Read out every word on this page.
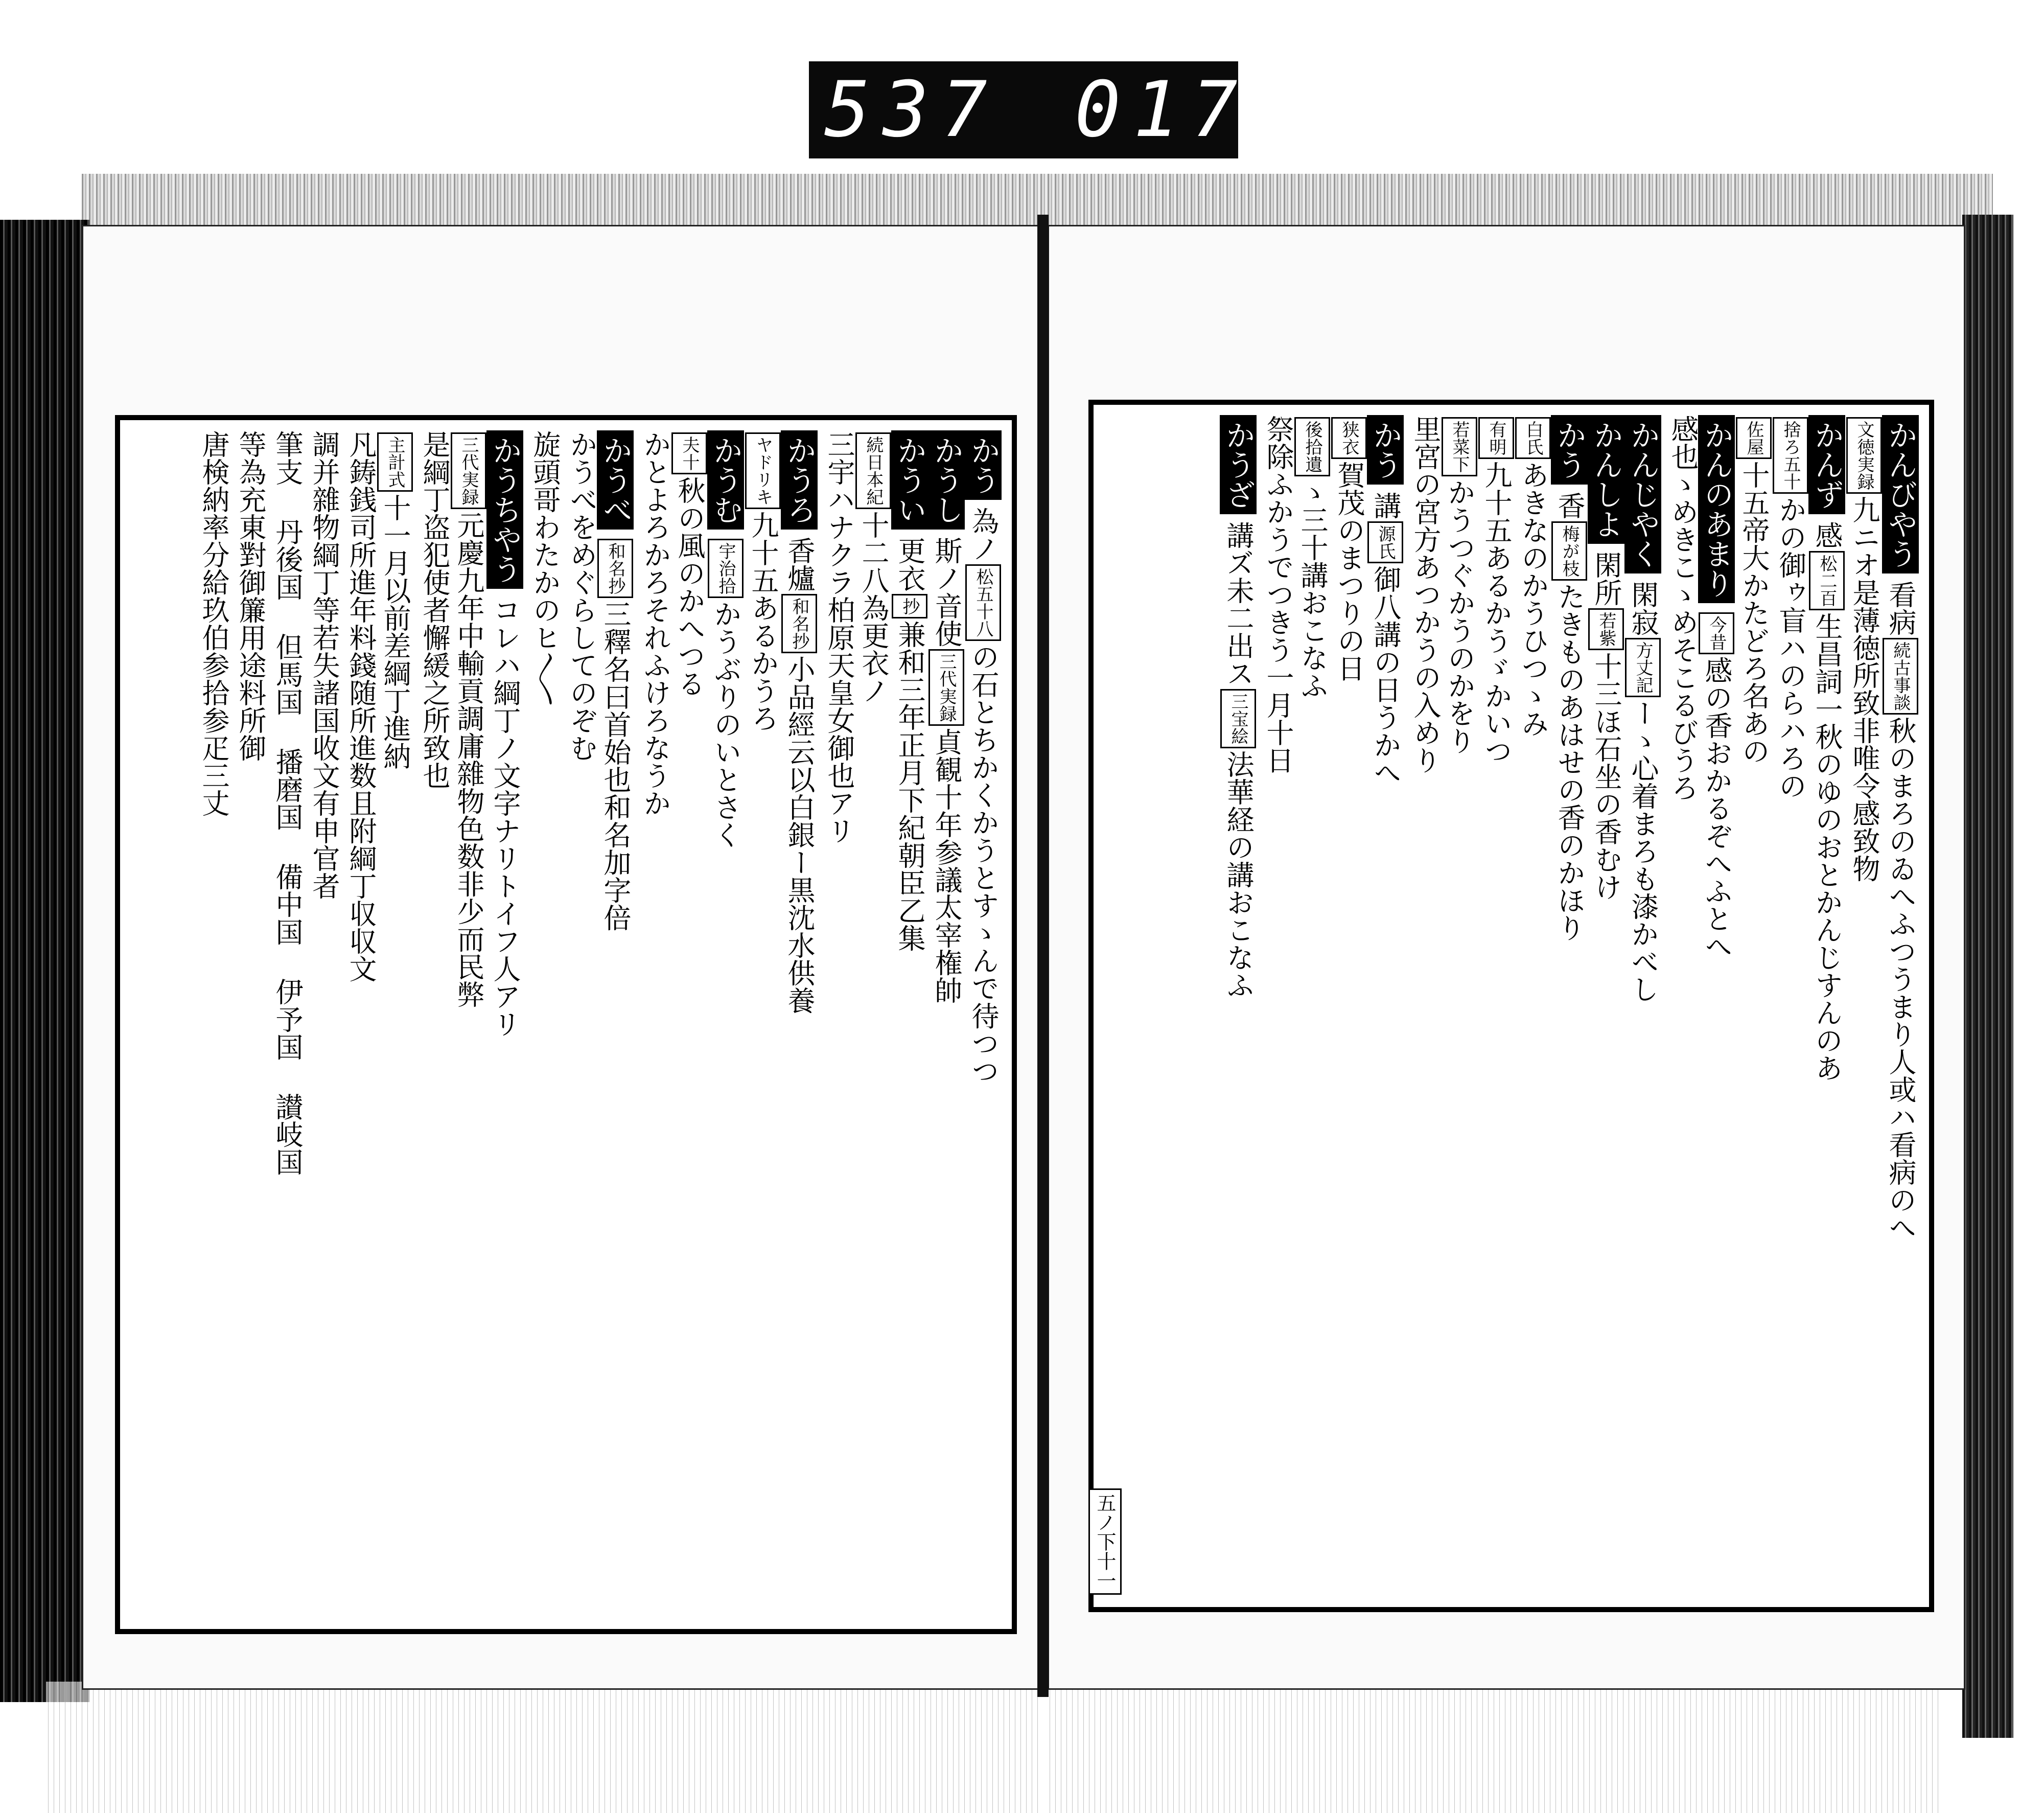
537 017
五ノ下十一
かんびやう看病続古事談秋のまろのゐへふつうまり人或ハ看病のへ
文徳実録九ニオ是薄徳所致非唯令感致物
かんず感松二百生昌詞一秋のゆのおとかんじすんのあ
捨ろ五十かの御ゥ盲ハのらハろの
佐屋十五帝大かたどろ名あの
かんのあまり今昔感の香おかるぞへふとへ
感也ゝめきこゝめそこるびうろ
かんじやく閑寂方丈記ーゝ心着まろも漆かべし
かんしよ閑所若紫十三ほ石坐の香むけ
かう香梅が枝たきものあはせの香のかほり
白氏あきなのかうひつゝみ
有明九十五あるかうゞかいつ
若菜下かうつぐかうのかをり
里宮の宮方あつかうの入めり
かう講源氏御八講の日うかへ
狭衣賀茂のまつりの日
後拾遺ゝ三十講おこなふ
祭除ふかうでつきう一月十日
かうざ講ズ未二出ス三宝絵法華経の講おこなふ
かう為ノ松五十八の石とちかくかうとすゝんで待つつ
かうし斯ノ音使三代実録貞観十年参議太宰権帥
かうい更衣抄兼和三年正月下紀朝臣乙集
続日本紀十二八為更衣ノ
三宇ハナクラ柏原天皇女御也アリ
かうろ香爐和名抄小品經云以白銀ー黒沈水供養
ヤドリキ九十五あるかうろ
かうむ宇治拾かうぶりのいとさく
夫十秋の風のかへつる
かとよろかろそれふけろなうか
かうべ和名抄三釋名曰首始也和名加字倍
かうべをめぐらしてのぞむ
旋頭哥わたかのヒ〳〵
かうちやうコレハ綱丁ノ文字ナリトイフ人アリ
三代実録元慶九年中輸貢調庸雜物色数非少而民弊
是綱丁盗犯使者懈緩之所致也
主計式十一月以前差綱丁進納
凡鋳銭司所進年料錢随所進数且附綱丁収収文
調并雜物綱丁等若失諸国收文有申官者
筆支 丹後国 但馬国 播磨国 備中国 伊予国 讃岐国
等為充東對御簾用途料所御
唐検納率分給玖伯参拾参疋三丈
